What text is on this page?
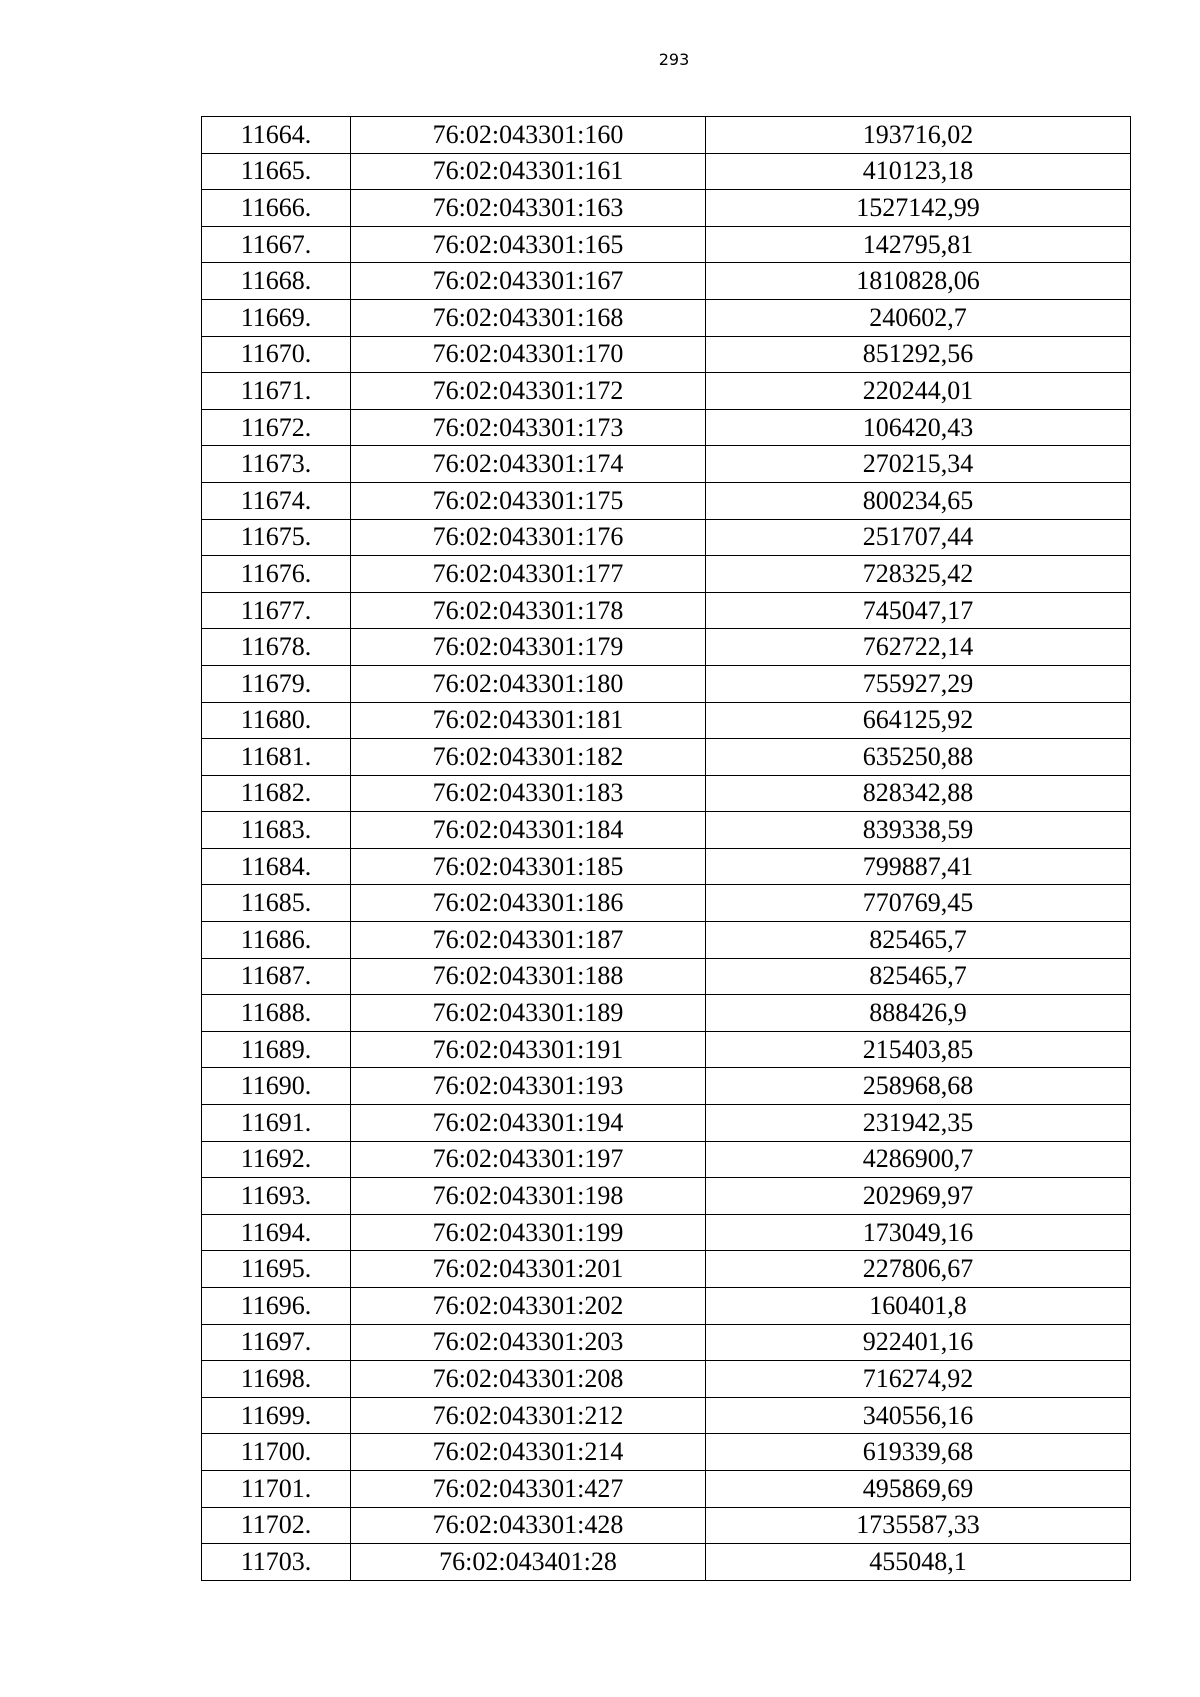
293
11664.	76:02:043301:160	193716,02
11665.	76:02:043301:161	410123,18
11666.	76:02:043301:163	1527142,99
11667.	76:02:043301:165	142795,81
11668.	76:02:043301:167	1810828,06
11669.	76:02:043301:168	240602,7
11670.	76:02:043301:170	851292,56
11671.	76:02:043301:172	220244,01
11672.	76:02:043301:173	106420,43
11673.	76:02:043301:174	270215,34
11674.	76:02:043301:175	800234,65
11675.	76:02:043301:176	251707,44
11676.	76:02:043301:177	728325,42
11677.	76:02:043301:178	745047,17
11678.	76:02:043301:179	762722,14
11679.	76:02:043301:180	755927,29
11680.	76:02:043301:181	664125,92
11681.	76:02:043301:182	635250,88
11682.	76:02:043301:183	828342,88
11683.	76:02:043301:184	839338,59
11684.	76:02:043301:185	799887,41
11685.	76:02:043301:186	770769,45
11686.	76:02:043301:187	825465,7
11687.	76:02:043301:188	825465,7
11688.	76:02:043301:189	888426,9
11689.	76:02:043301:191	215403,85
11690.	76:02:043301:193	258968,68
11691.	76:02:043301:194	231942,35
11692.	76:02:043301:197	4286900,7
11693.	76:02:043301:198	202969,97
11694.	76:02:043301:199	173049,16
11695.	76:02:043301:201	227806,67
11696.	76:02:043301:202	160401,8
11697.	76:02:043301:203	922401,16
11698.	76:02:043301:208	716274,92
11699.	76:02:043301:212	340556,16
11700.	76:02:043301:214	619339,68
11701.	76:02:043301:427	495869,69
11702.	76:02:043301:428	1735587,33
11703.	76:02:043401:28	455048,1
